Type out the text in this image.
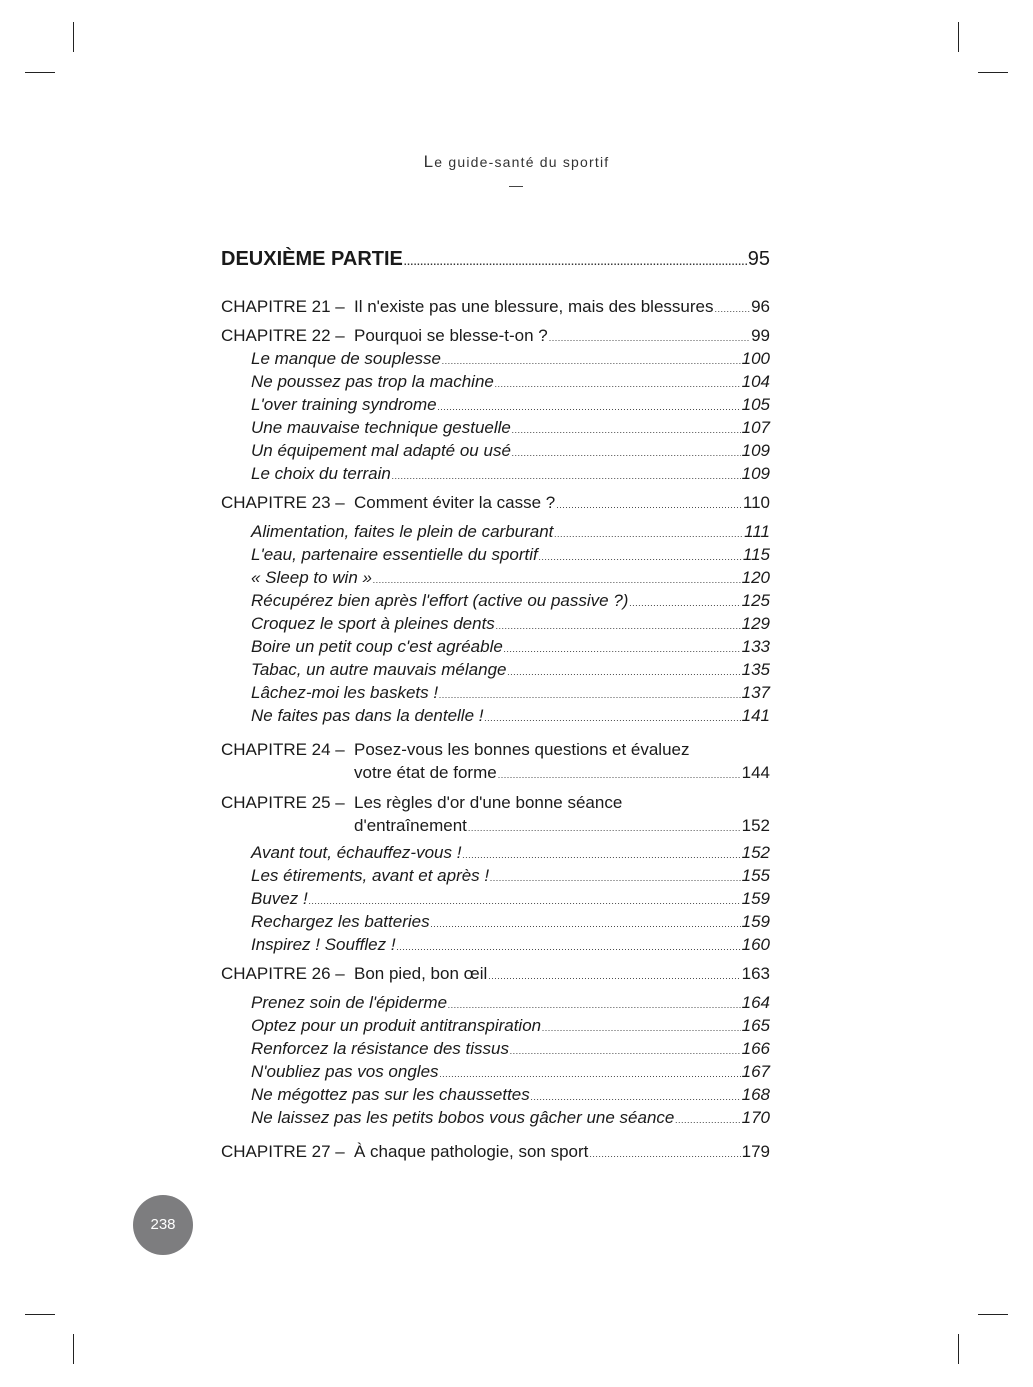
Le guide-santé du sportif
DEUXIÈME PARTIE .....	95
CHAPITRE 21 – Il n'existe pas une blessure, mais des blessures ..... 96
CHAPITRE 22 – Pourquoi se blesse-t-on ? .....	99
Le manque de souplesse .....	100
Ne poussez pas trop la machine .....	104
L'over training syndrome .....	105
Une mauvaise technique gestuelle .....	107
Un équipement mal adapté ou usé .....	109
Le choix du terrain .....	109
CHAPITRE 23 – Comment éviter la casse ? .....	110
Alimentation, faites le plein de carburant .....	111
L'eau, partenaire essentielle du sportif .....	115
« Sleep to win » .....	120
Récupérez bien après l'effort (active ou passive ?) .....	125
Croquez le sport à pleines dents .....	129
Boire un petit coup c'est agréable .....	133
Tabac, un autre mauvais mélange .....	135
Lâchez-moi les baskets ! .....	137
Ne faites pas dans la dentelle ! .....	141
CHAPITRE 24 – Posez-vous les bonnes questions et évaluez
votre état de forme .....	144
CHAPITRE 25 – Les règles d'or d'une bonne séance
d'entraînement .....	152
Avant tout, échauffez-vous ! .....	152
Les étirements, avant et après ! .....	155
Buvez ! .....	159
Rechargez les batteries .....	159
Inspirez ! Soufflez ! .....	160
CHAPITRE 26 – Bon pied, bon œil .....	163
Prenez soin de l'épiderme .....	164
Optez pour un produit antitranspiration .....	165
Renforcez la résistance des tissus .....	166
N'oubliez pas vos ongles .....	167
Ne mégottez pas sur les chaussettes .....	168
Ne laissez pas les petits bobos vous gâcher une séance .....	170
CHAPITRE 27 – À chaque pathologie, son sport .....	179
238
